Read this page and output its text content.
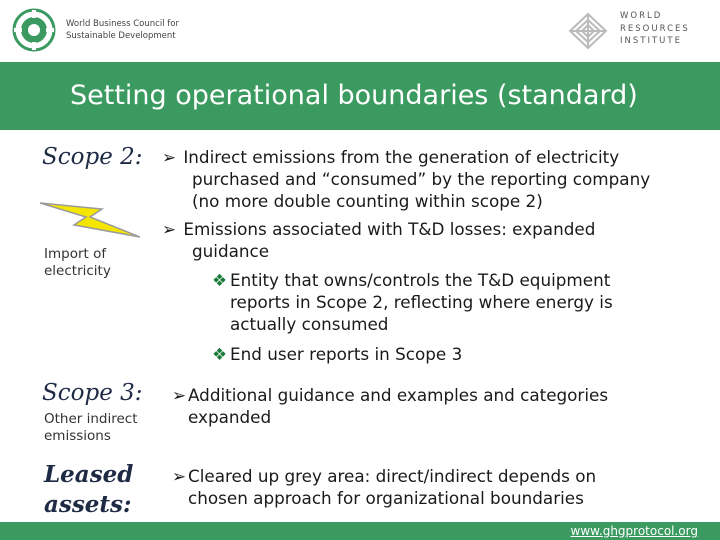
World Business Council for
Sustainable Development
WORLD
RESOURCES
INSTITUTE
Setting operational boundaries (standard)
Scope 2:
Import of
electricity
Scope 3:
Other indirect
emissions
Leased
assets:
➢ Indirect emissions from the generation of electricity
purchased and “consumed” by the reporting company
(no more double counting within scope 2)
➢ Emissions associated with T&D losses: expanded
guidance
❖ Entity that owns/controls the T&D equipment
reports in Scope 2, reflecting where energy is
actually consumed
❖ End user reports in Scope 3
➢ Additional guidance and examples and categories
expanded
➢ Cleared up grey area: direct/indirect depends on
chosen approach for organizational boundaries
www.ghgprotocol.org
